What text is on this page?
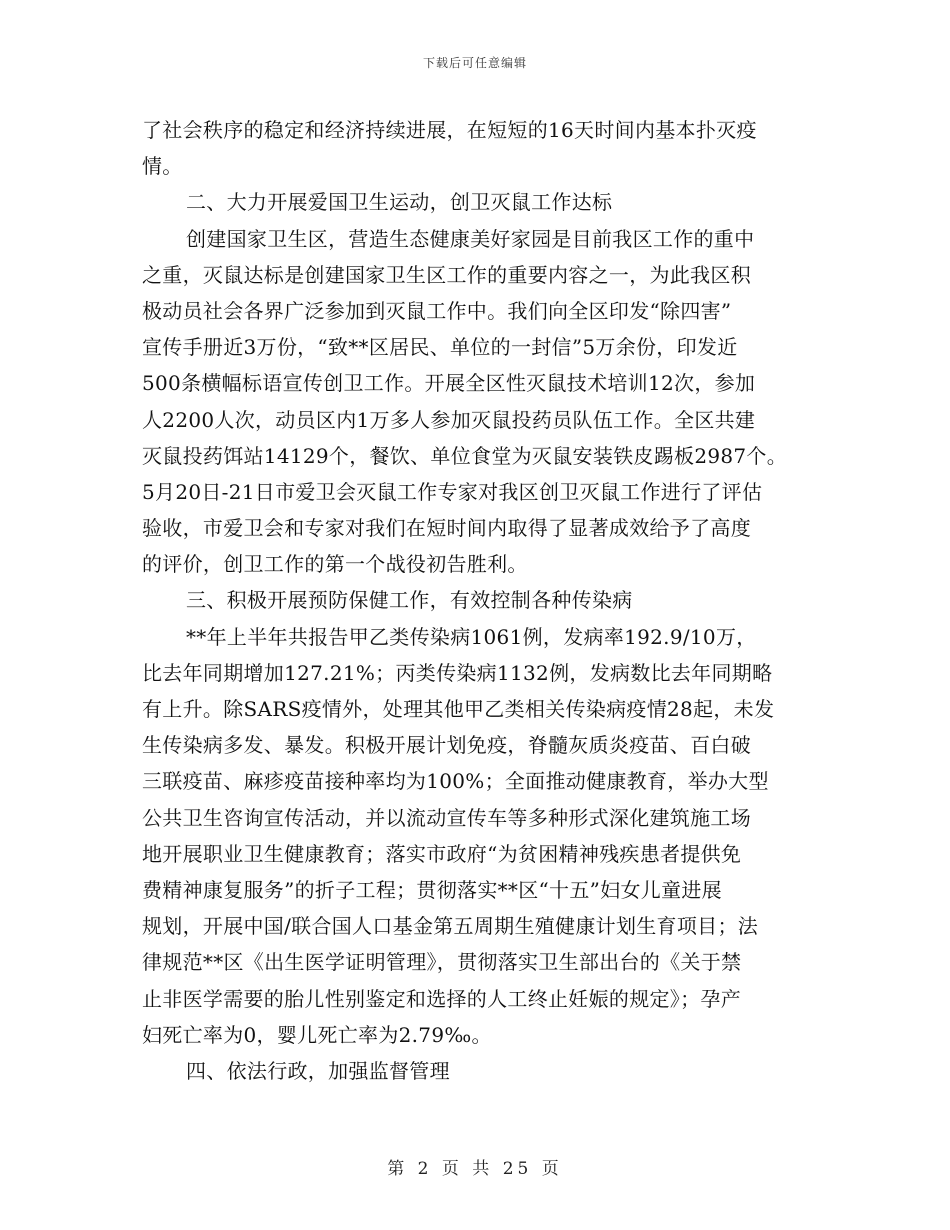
下载后可任意编辑
了社会秩序的稳定和经济持续进展，在短短的16天时间内基本扑灭疫
情。
二、大力开展爱国卫生运动，创卫灭鼠工作达标
创建国家卫生区，营造生态健康美好家园是目前我区工作的重中
之重，灭鼠达标是创建国家卫生区工作的重要内容之一，为此我区积
极动员社会各界广泛参加到灭鼠工作中。我们向全区印发“除四害”
宣传手册近3万份，“致**区居民、单位的一封信”5万余份，印发近
500条横幅标语宣传创卫工作。开展全区性灭鼠技术培训12次，参加
人2200人次，动员区内1万多人参加灭鼠投药员队伍工作。全区共建
灭鼠投药饵站14129个，餐饮、单位食堂为灭鼠安装铁皮踢板2987个。
5月20日-21日市爱卫会灭鼠工作专家对我区创卫灭鼠工作进行了评估
验收，市爱卫会和专家对我们在短时间内取得了显著成效给予了高度
的评价，创卫工作的第一个战役初告胜利。
三、积极开展预防保健工作，有效控制各种传染病
**年上半年共报告甲乙类传染病1061例，发病率192.9/10万，
比去年同期增加127.21%；丙类传染病1132例，发病数比去年同期略
有上升。除SARS疫情外，处理其他甲乙类相关传染病疫情28起，未发
生传染病多发、暴发。积极开展计划免疫，脊髓灰质炎疫苗、百白破
三联疫苗、麻疹疫苗接种率均为100%；全面推动健康教育，举办大型
公共卫生咨询宣传活动，并以流动宣传车等多种形式深化建筑施工场
地开展职业卫生健康教育；落实市政府“为贫困精神残疾患者提供免
费精神康复服务”的折子工程；贯彻落实**区“十五”妇女儿童进展
规划，开展中国/联合国人口基金第五周期生殖健康计划生育项目；法
律规范**区《出生医学证明管理》，贯彻落实卫生部出台的《关于禁
止非医学需要的胎儿性别鉴定和选择的人工终止妊娠的规定》；孕产
妇死亡率为0，婴儿死亡率为2.79‰。
四、依法行政，加强监督管理
第 2 页 共 25 页
